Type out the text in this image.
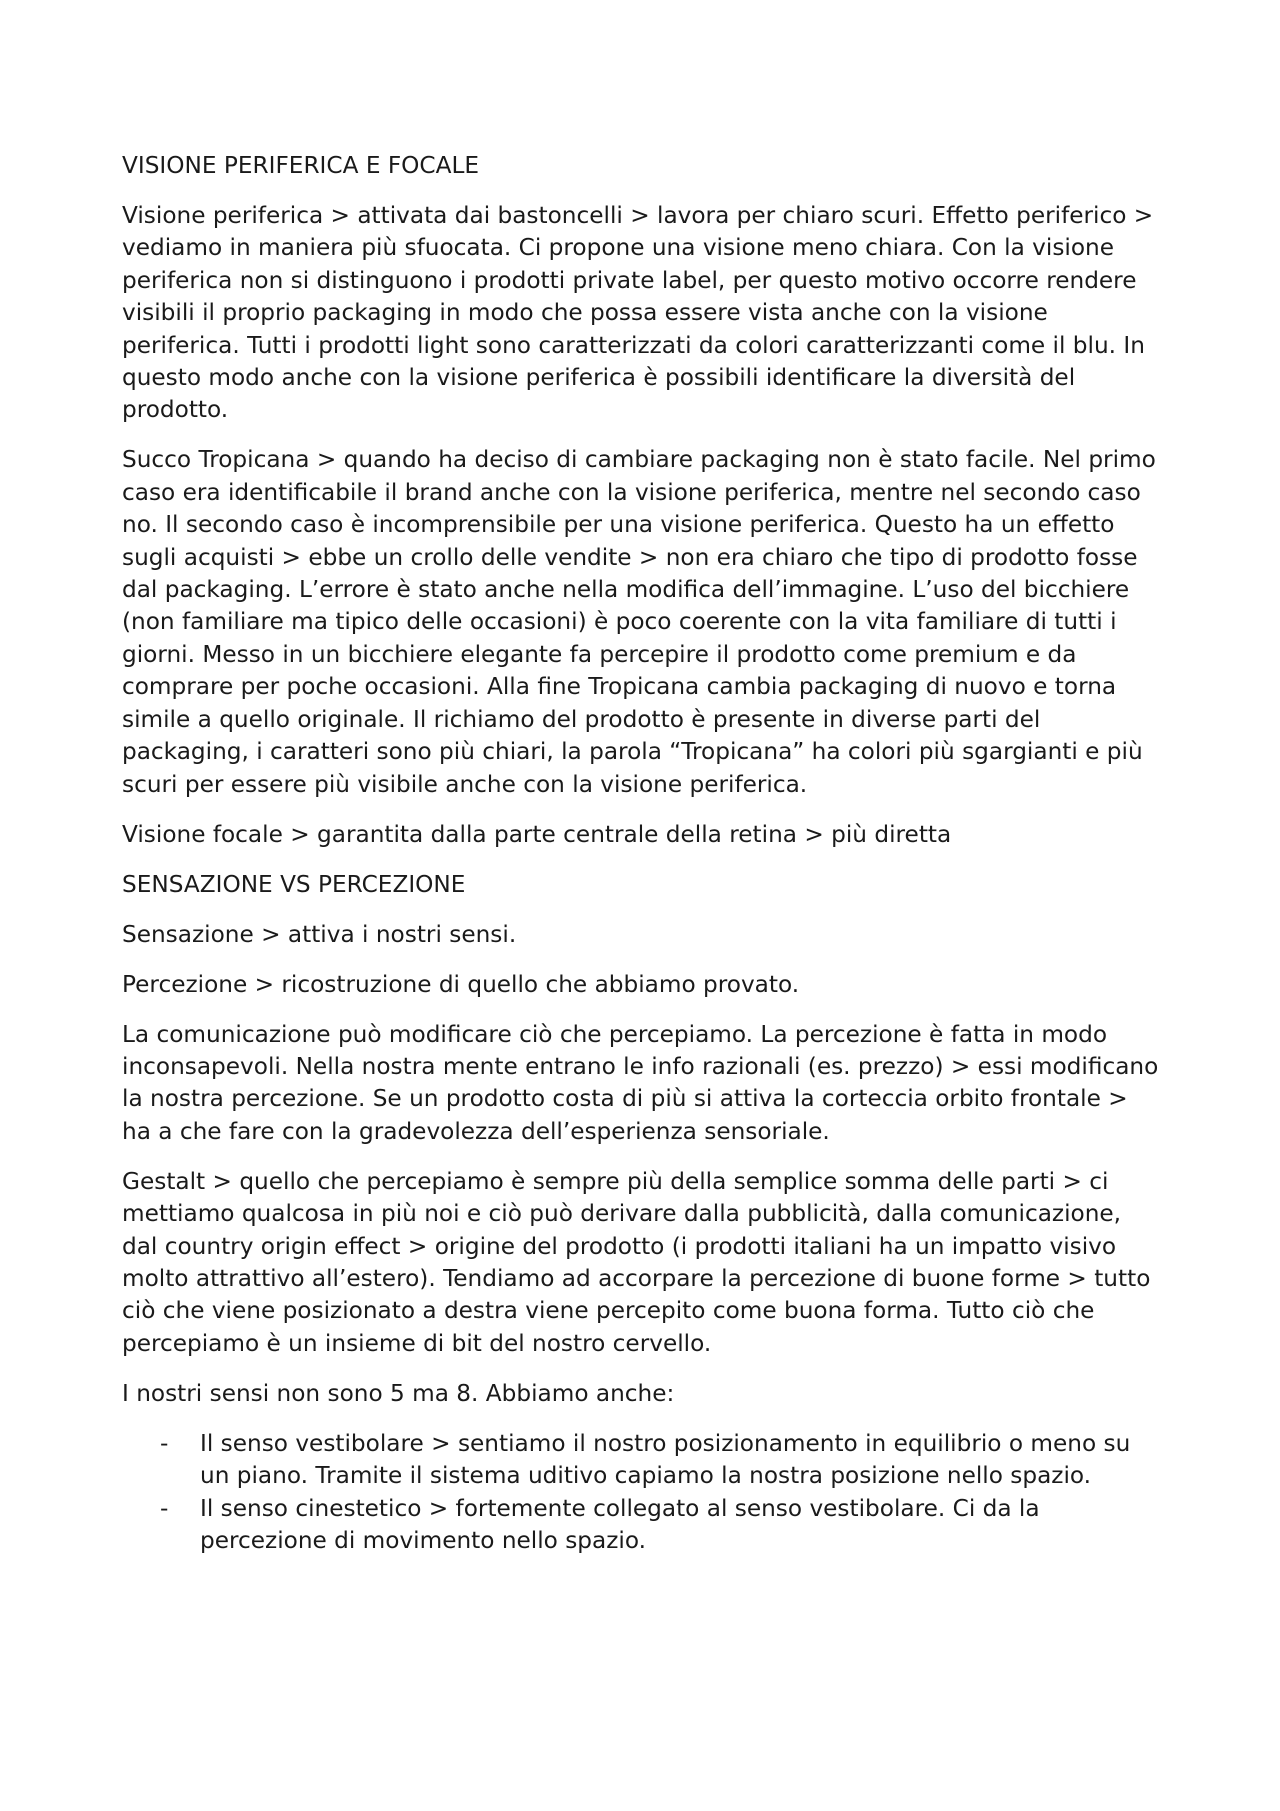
VISIONE PERIFERICA E FOCALE

Visione periferica > attivata dai bastoncelli > lavora per chiaro scuri. Effetto periferico > vediamo in maniera più sfuocata. Ci propone una visione meno chiara. Con la visione periferica non si distinguono i prodotti private label, per questo motivo occorre rendere visibili il proprio packaging in modo che possa essere vista anche con la visione periferica. Tutti i prodotti light sono caratterizzati da colori caratterizzanti come il blu. In questo modo anche con la visione periferica è possibili identificare la diversità del prodotto.

Succo Tropicana > quando ha deciso di cambiare packaging non è stato facile. Nel primo caso era identificabile il brand anche con la visione periferica, mentre nel secondo caso no. Il secondo caso è incomprensibile per una visione periferica. Questo ha un effetto sugli acquisti > ebbe un crollo delle vendite > non era chiaro che tipo di prodotto fosse dal packaging. L’errore è stato anche nella modifica dell’immagine. L’uso del bicchiere (non familiare ma tipico delle occasioni) è poco coerente con la vita familiare di tutti i giorni. Messo in un bicchiere elegante fa percepire il prodotto come premium e da comprare per poche occasioni. Alla fine Tropicana cambia packaging di nuovo e torna simile a quello originale. Il richiamo del prodotto è presente in diverse parti del packaging, i caratteri sono più chiari, la parola “Tropicana” ha colori più sgargianti e più scuri per essere più visibile anche con la visione periferica.

Visione focale > garantita dalla parte centrale della retina > più diretta

SENSAZIONE VS PERCEZIONE

Sensazione > attiva i nostri sensi.

Percezione > ricostruzione di quello che abbiamo provato.

La comunicazione può modificare ciò che percepiamo. La percezione è fatta in modo inconsapevoli. Nella nostra mente entrano le info razionali (es. prezzo) > essi modificano la nostra percezione. Se un prodotto costa di più si attiva la corteccia orbito frontale > ha a che fare con la gradevolezza dell’esperienza sensoriale.

Gestalt > quello che percepiamo è sempre più della semplice somma delle parti > ci mettiamo qualcosa in più noi e ciò può derivare dalla pubblicità, dalla comunicazione, dal country origin effect > origine del prodotto (i prodotti italiani ha un impatto visivo molto attrattivo all’estero). Tendiamo ad accorpare la percezione di buone forme > tutto ciò che viene posizionato a destra viene percepito come buona forma. Tutto ciò che percepiamo è un insieme di bit del nostro cervello.

I nostri sensi non sono 5 ma 8. Abbiamo anche:

- Il senso vestibolare > sentiamo il nostro posizionamento in equilibrio o meno su un piano. Tramite il sistema uditivo capiamo la nostra posizione nello spazio.
- Il senso cinestetico > fortemente collegato al senso vestibolare. Ci da la percezione di movimento nello spazio.
